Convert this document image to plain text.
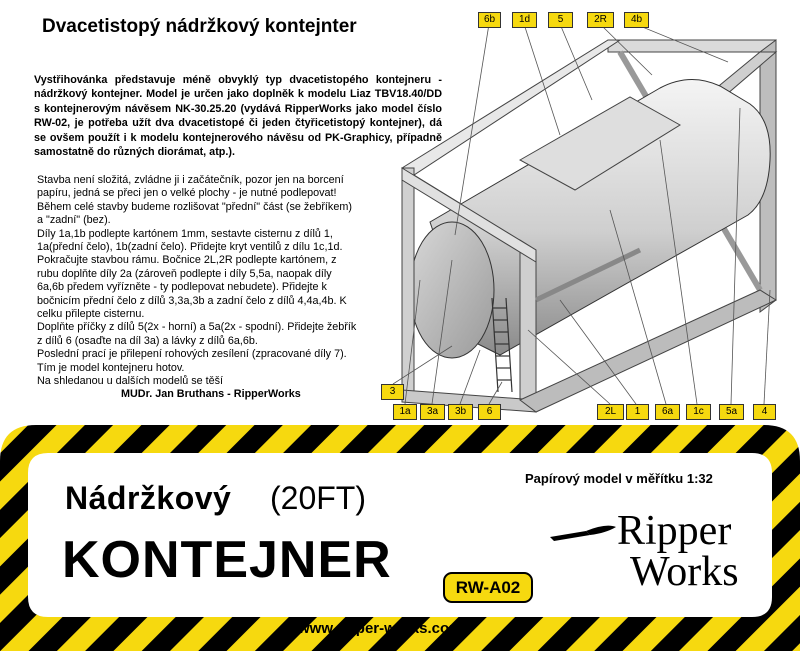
Dvacetistopý nádržkový kontejnter

Vystřihovánka představuje méně obvyklý typ dvacetistopého kontejneru - nádržkový kontejner. Model je určen jako doplněk k modelu Liaz TBV18.40/DD s kontejnerovým návěsem NK-30.25.20 (vydává RipperWorks jako model číslo RW-02, je potřeba užít dva dvacetistopé či jeden čtyřicetistopý kontejner), dá se ovšem použít i k modelu kontejnerového návěsu od PK-Graphicy, případně samostatně do různých diorámat, atp.).

Stavba není složitá, zvládne ji i začátečník, pozor jen na borcení
papíru, jedná se přeci jen o velké plochy - je nutné podlepovat!
Během celé stavby budeme rozlišovat "přední" část (se žebříkem)
a "zadní" (bez).
Díly 1a,1b podlepte kartónem 1mm, sestavte cisternu z dílů 1,
1a(přední čelo), 1b(zadní čelo). Přidejte kryt ventilů z dílu 1c,1d.
Pokračujte stavbou rámu. Bočnice 2L,2R podlepte kartónem, z
rubu doplňte díly 2a (zároveň podlepte i díly 5,5a, naopak díly
6a,6b předem vyřízněte - ty podlepovat nebudete). Přidejte k
bočnicím přední čelo z dílů 3,3a,3b a zadní čelo z dílů 4,4a,4b. K
celku přilepte cisternu.
Doplňte příčky z dílů 5(2x - horní) a 5a(2x - spodní). Přidejte žebřík
z dílů 6 (osaďte na díl 3a) a lávky z dílů 6a,6b.
Poslední prací je přilepení rohových zesílení (zpracované díly 7).
Tím je model kontejneru hotov.
Na shledanou u dalších modelů se těší
MUDr. Jan Bruthans - RipperWorks
6b	1d	5	2R	4b
3
1a	3a	3b	6	2L	1	6a	1c	5a	4
Nádržkový (20FT)
KONTEJNER
Papírový model v měřítku 1:32
RW-A02
Ripper
Works
www.ripper-works.com
